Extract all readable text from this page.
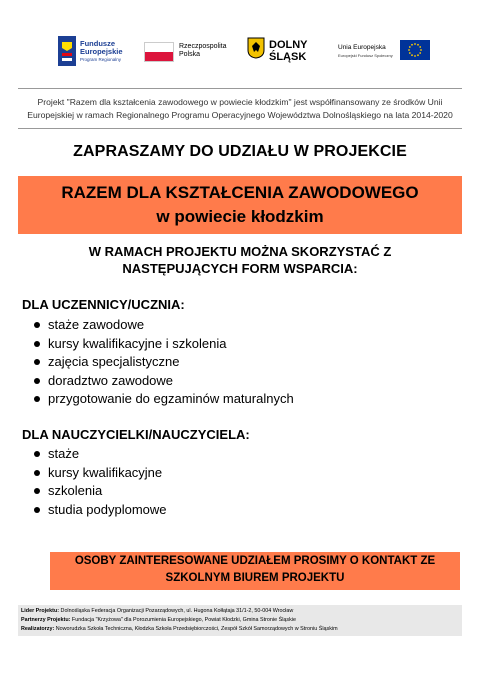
Fundusze Europejskie
Program Regionalny
Rzeczpospolita Polska
DOLNY ŚLĄSK
Unia Europejska
Europejski Fundusz Społeczny
Projekt "Razem dla kształcenia zawodowego w powiecie kłodzkim" jest współfinansowany ze środków Unii Europejskiej w ramach Regionalnego Programu Operacyjnego Województwa Dolnośląskiego na lata 2014-2020
ZAPRASZAMY DO UDZIAŁU W PROJEKCIE
RAZEM DLA KSZTAŁCENIA ZAWODOWEGO
w powiecie kłodzkim
W RAMACH PROJEKTU MOŻNA SKORZYSTAĆ Z NASTĘPUJĄCYCH FORM WSPARCIA:
DLA UCZENNICY/UCZNIA:
staże zawodowe
kursy kwalifikacyjne i szkolenia
zajęcia specjalistyczne
doradztwo zawodowe
przygotowanie do egzaminów maturalnych
DLA NAUCZYCIELKI/NAUCZYCIELA:
staże
kursy kwalifikacyjne
szkolenia
studia podyplomowe
OSOBY ZAINTERESOWANE UDZIAŁEM PROSIMY O KONTAKT ZE
SZKOLNYM BIUREM PROJEKTU
Lider Projektu: Dolnośląska Federacja Organizacji Pozarządowych, ul. Hugona Kołłątaja 31/1-2, 50-004 Wrocław
Partnerzy Projektu: Fundacja "Krzyżowa" dla Porozumienia Europejskiego, Powiat Kłodzki, Gmina Stronie Śląskie
Realizatorzy: Noworudzka Szkoła Techniczna, Kłodzka Szkoła Przedsiębiorczości, Zespół Szkół Samorządowych w Stroniu Śląskim
